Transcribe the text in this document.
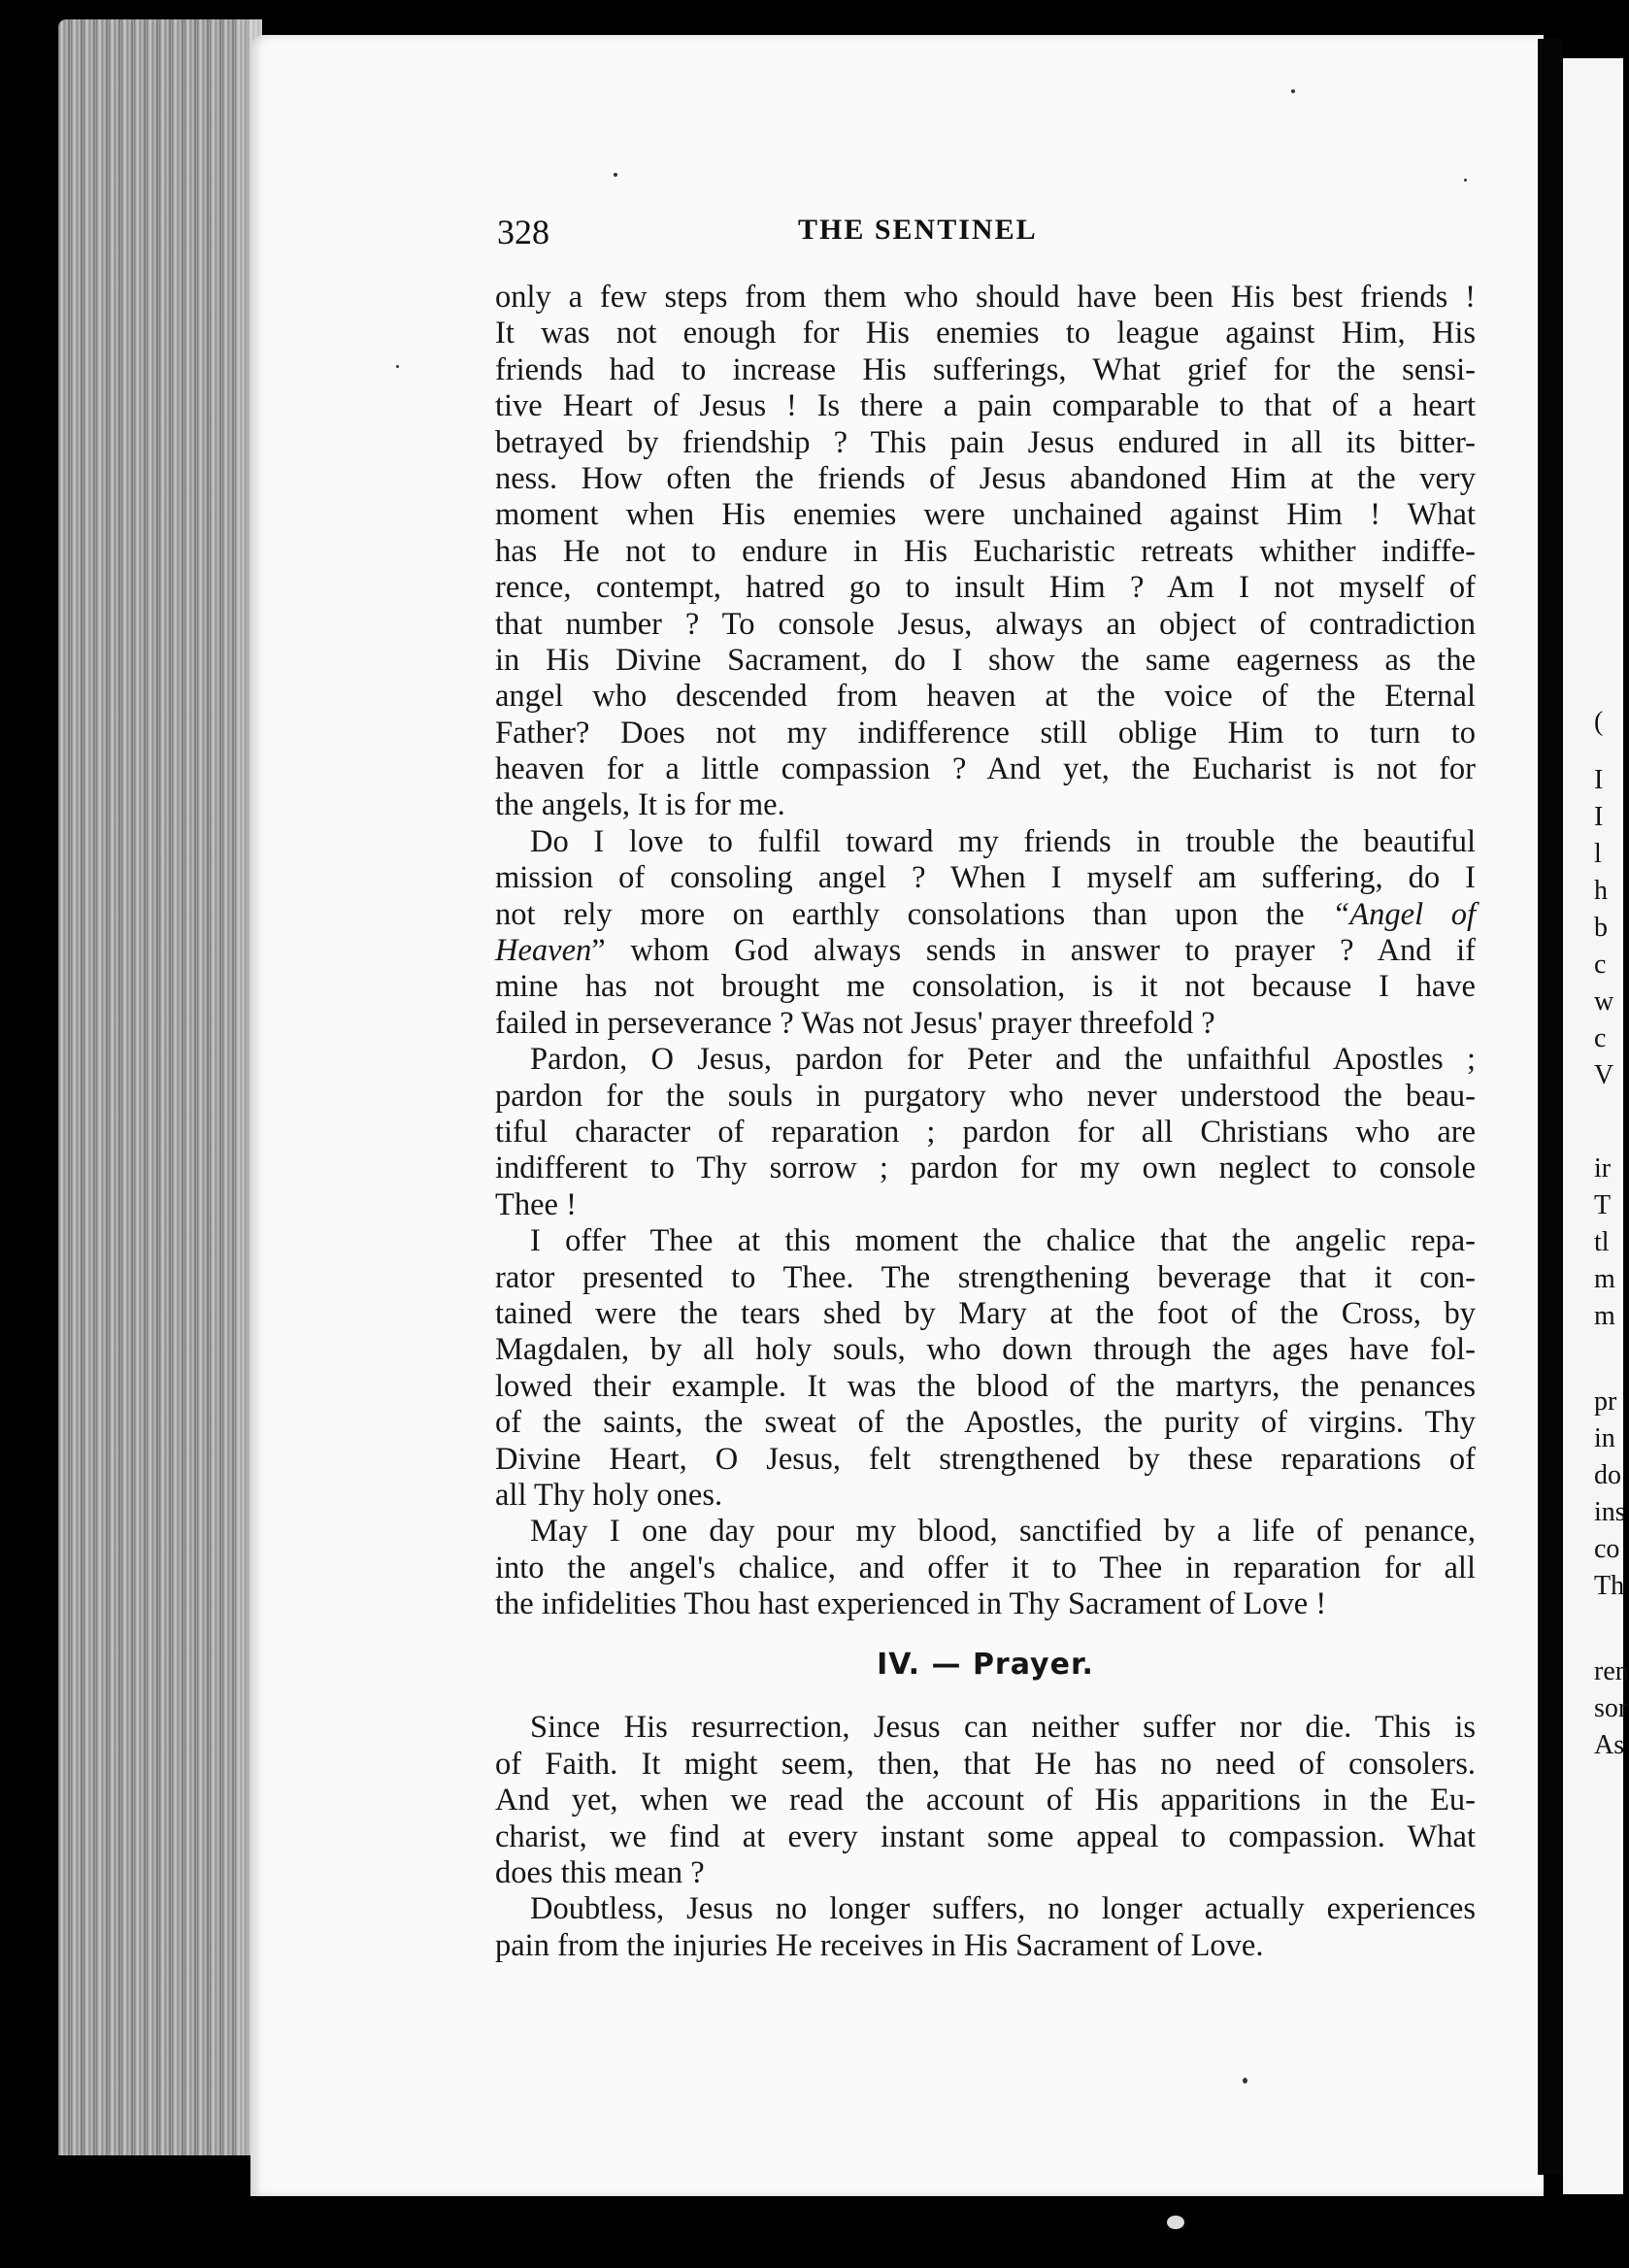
(
I
I
l
h
b
c
w
c
V
ir
T
tl
m
m
pr
in
do
ins
co
Th
ren
sor
As
328	THE SENTINEL
only a few steps from them who should have been His best friends !
It was not enough for His enemies to league against Him, His
friends had to increase His sufferings, What grief for the sensi-
tive Heart of Jesus ! Is there a pain comparable to that of a heart
betrayed by friendship ? This pain Jesus endured in all its bitter-
ness. How often the friends of Jesus abandoned Him at the very
moment when His enemies were unchained against Him ! What
has He not to endure in His Eucharistic retreats whither indiffe-
rence, contempt, hatred go to insult Him ? Am I not myself of
that number ? To console Jesus, always an object of contradiction
in His Divine Sacrament, do I show the same eagerness as the
angel who descended from heaven at the voice of the Eternal
Father? Does not my indifference still oblige Him to turn to
heaven for a little compassion ? And yet, the Eucharist is not for
the angels, It is for me.
Do I love to fulfil toward my friends in trouble the beautiful
mission of consoling angel ? When I myself am suffering, do I
not rely more on earthly consolations than upon the “Angel of
Heaven” whom God always sends in answer to prayer ? And if
mine has not brought me consolation, is it not because I have
failed in perseverance ? Was not Jesus' prayer threefold ?
Pardon, O Jesus, pardon for Peter and the unfaithful Apostles ;
pardon for the souls in purgatory who never understood the beau-
tiful character of reparation ; pardon for all Christians who are
indifferent to Thy sorrow ; pardon for my own neglect to console
Thee !
I offer Thee at this moment the chalice that the angelic repa-
rator presented to Thee. The strengthening beverage that it con-
tained were the tears shed by Mary at the foot of the Cross, by
Magdalen, by all holy souls, who down through the ages have fol-
lowed their example. It was the blood of the martyrs, the penances
of the saints, the sweat of the Apostles, the purity of virgins. Thy
Divine Heart, O Jesus, felt strengthened by these reparations of
all Thy holy ones.
May I one day pour my blood, sanctified by a life of penance,
into the angel's chalice, and offer it to Thee in reparation for all
the infidelities Thou hast experienced in Thy Sacrament of Love !
IV. — Prayer.
Since His resurrection, Jesus can neither suffer nor die. This is
of Faith. It might seem, then, that He has no need of consolers.
And yet, when we read the account of His apparitions in the Eu-
charist, we find at every instant some appeal to compassion. What
does this mean ?
Doubtless, Jesus no longer suffers, no longer actually experiences
pain from the injuries He receives in His Sacrament of Love.
